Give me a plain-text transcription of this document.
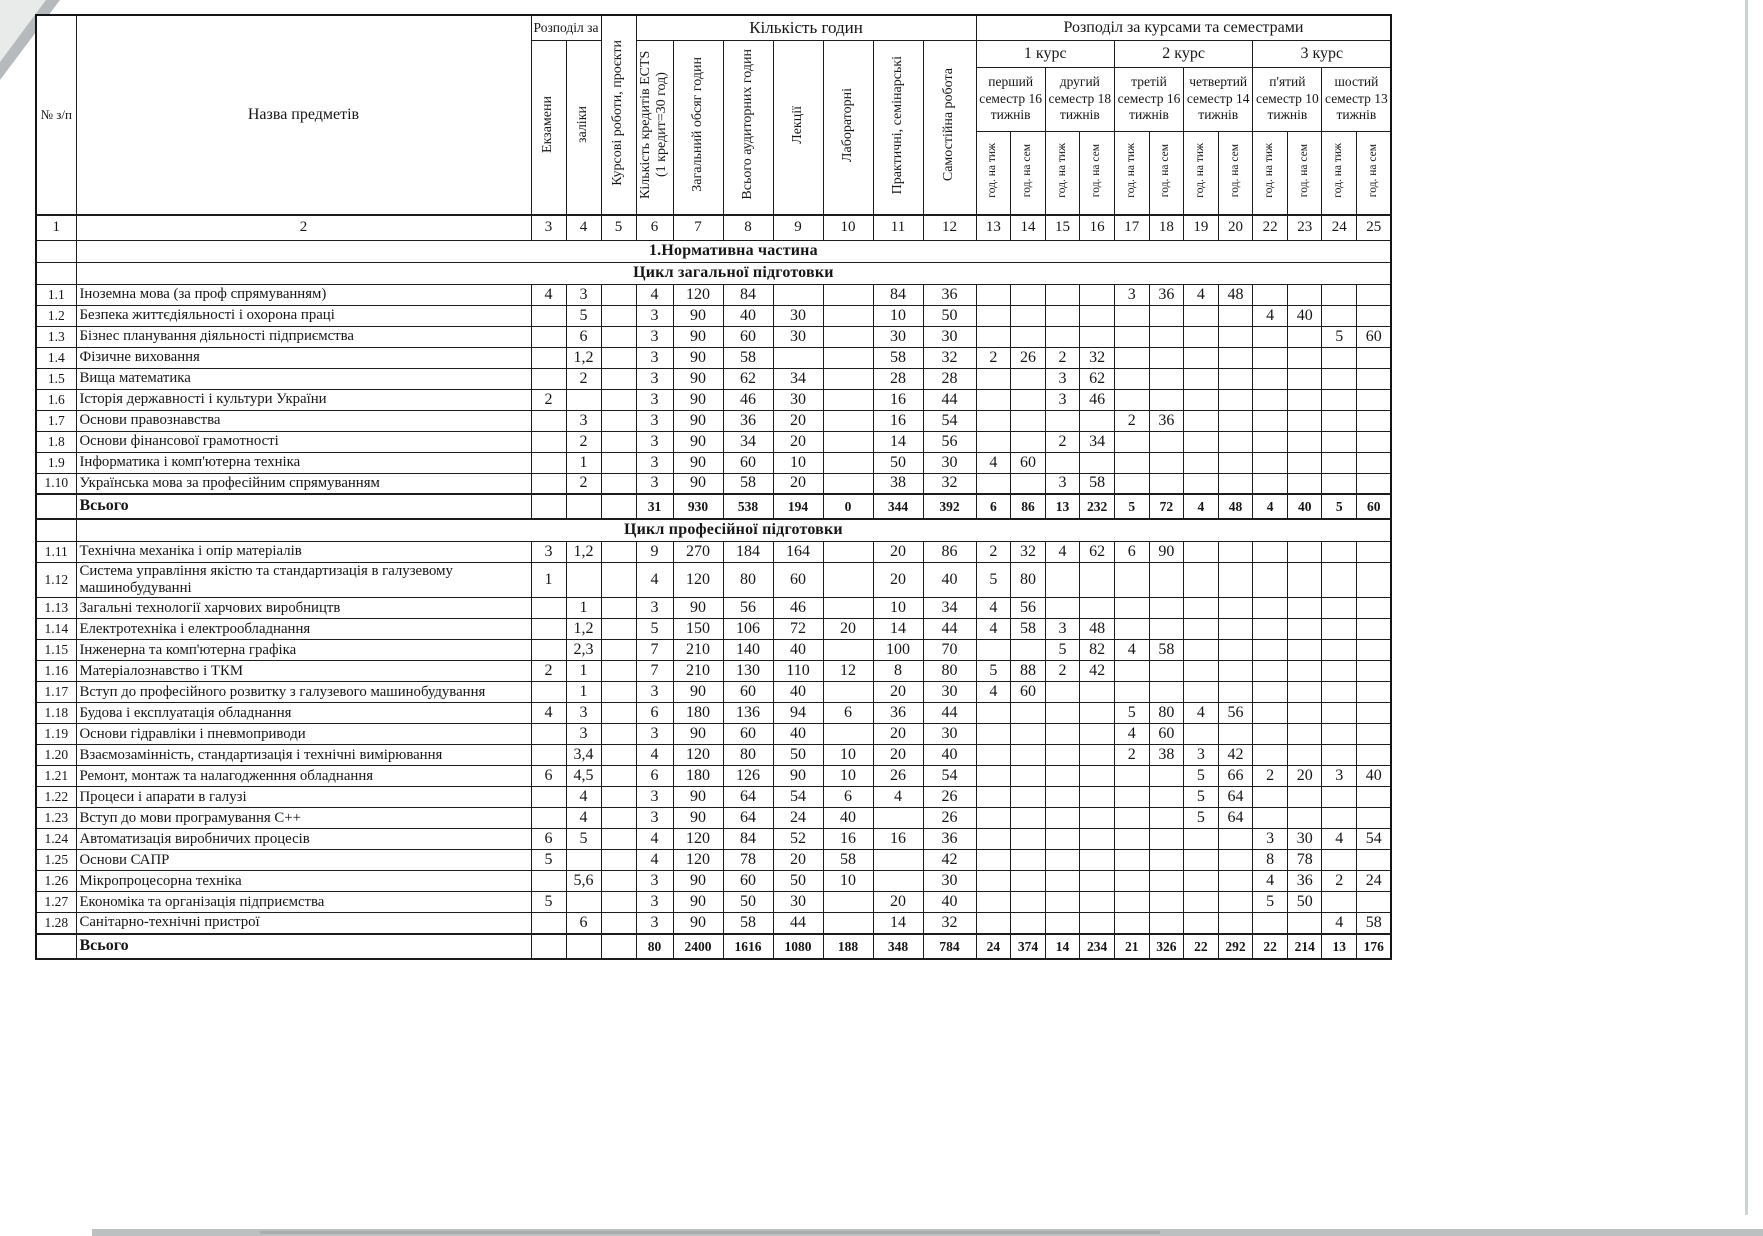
№ з/п	Назва предметів	Розподіл за		Курсові роботи, проєкти	Кількість годин							Розподіл за курсами та семестрами											
		Екзамени	заліки		Кількість кредитів ECTS (1 кредит=30 год)	Загальний обсяг годин	Всього аудиторних годин	Лекції	Лабораторні	Практичні, семінарські	Самостійна робота	1 курс				2 курс				3 курс			
												перший семестр 16 тижнів		другий семестр 18 тижнів		третій семестр 16 тижнів		четвертий семестр 14 тижнів		п'ятий семестр 10 тижнів		шостий семестр 13 тижнів	
												год. на тиж	год. на сем	год. на тиж	год. на сем	год. на тиж	год. на сем	год. на тиж	год. на сем	год. на тиж	год. на сем	год. на тиж	год. на сем
1	2	3	4	5	6	7	8	9	10	11	12	13	14	15	16	17	18	19	20	22	23	24	25
	1.Нормативна частина																						
	Цикл загальної підготовки																						
1.1	Іноземна мова (за проф спрямуванням)	4	3		4	120	84			84	36					3	36	4	48				
1.2	Безпека життєдіяльності і охорона праці		5		3	90	40	30		10	50									4	40		
1.3	Бізнес планування діяльності підприємства		6		3	90	60	30		30	30											5	60
1.4	Фізичне виховання		1,2		3	90	58			58	32	2	26	2	32								
1.5	Вища математика		2		3	90	62	34		28	28			3	62								
1.6	Історія державності і культури України	2			3	90	46	30		16	44			3	46								
1.7	Основи правознавства		3		3	90	36	20		16	54					2	36						
1.8	Основи фінансової грамотності		2		3	90	34	20		14	56			2	34								
1.9	Інформатика і комп'ютерна техніка		1		3	90	60	10		50	30	4	60										
1.10	Українська мова за професійним спрямуванням		2		3	90	58	20		38	32			3	58								
	Всього				31	930	538	194	0	344	392	6	86	13	232	5	72	4	48	4	40	5	60
	Цикл професійної підготовки																						
1.11	Технічна механіка і опір матеріалів	3	1,2		9	270	184	164		20	86	2	32	4	62	6	90						
1.12	Система управління якістю та стандартизація в галузевому машинобудуванні	1			4	120	80	60		20	40	5	80										
1.13	Загальні технології харчових виробництв		1		3	90	56	46		10	34	4	56										
1.14	Електротехніка і електрообладнання		1,2		5	150	106	72	20	14	44	4	58	3	48								
1.15	Інженерна та комп'ютерна графіка		2,3		7	210	140	40		100	70			5	82	4	58						
1.16	Матеріалознавство і ТКМ	2	1		7	210	130	110	12	8	80	5	88	2	42								
1.17	Вступ до професійного розвитку з галузевого машинобудування		1		3	90	60	40		20	30	4	60										
1.18	Будова і експлуатація обладнання	4	3		6	180	136	94	6	36	44					5	80	4	56				
1.19	Основи гідравліки і пневмоприводи		3		3	90	60	40		20	30					4	60						
1.20	Взаємозамінність, стандартизація і технічні вимірювання		3,4		4	120	80	50	10	20	40					2	38	3	42				
1.21	Ремонт, монтаж та налагодженння обладнання	6	4,5		6	180	126	90	10	26	54							5	66	2	20	3	40
1.22	Процеси і апарати в галузі		4		3	90	64	54	6	4	26							5	64				
1.23	Вступ до мови програмування С++		4		3	90	64	24	40		26							5	64				
1.24	Автоматизація виробничих процесів	6	5		4	120	84	52	16	16	36									3	30	4	54
1.25	Основи САПР	5			4	120	78	20	58		42									8	78		
1.26	Мікропроцесорна техніка		5,6		3	90	60	50	10		30									4	36	2	24
1.27	Економіка та організація підприємства	5			3	90	50	30		20	40									5	50		
1.28	Санітарно-технічні пристрої		6		3	90	58	44		14	32											4	58
	Всього				80	2400	1616	1080	188	348	784	24	374	14	234	21	326	22	292	22	214	13	176
